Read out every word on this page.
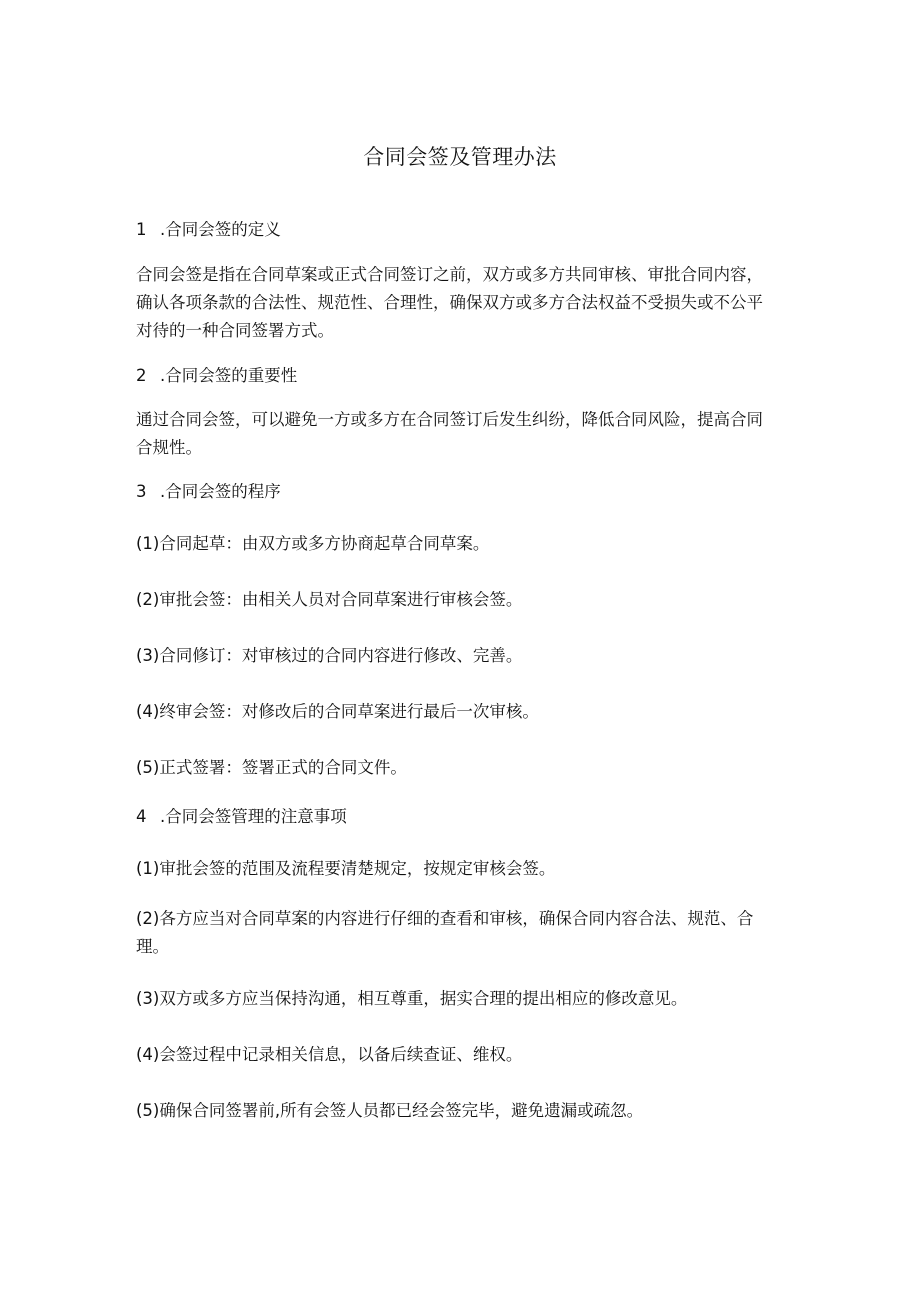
合同会签及管理办法
1 .合同会签的定义
合同会签是指在合同草案或正式合同签订之前，双方或多方共同审核、审批合同内容，
确认各项条款的合法性、规范性、合理性，确保双方或多方合法权益不受损失或不公平
对待的一种合同签署方式。
2 .合同会签的重要性
通过合同会签，可以避免一方或多方在合同签订后发生纠纷，降低合同风险，提高合同
合规性。
3 .合同会签的程序
(1)合同起草：由双方或多方协商起草合同草案。
(2)审批会签：由相关人员对合同草案进行审核会签。
(3)合同修订：对审核过的合同内容进行修改、完善。
(4)终审会签：对修改后的合同草案进行最后一次审核。
(5)正式签署：签署正式的合同文件。
4 .合同会签管理的注意事项
(1)审批会签的范围及流程要清楚规定，按规定审核会签。
(2)各方应当对合同草案的内容进行仔细的查看和审核，确保合同内容合法、规范、合
理。
(3)双方或多方应当保持沟通，相互尊重，据实合理的提出相应的修改意见。
(4)会签过程中记录相关信息，以备后续查证、维权。
(5)确保合同签署前,所有会签人员都已经会签完毕，避免遗漏或疏忽。
